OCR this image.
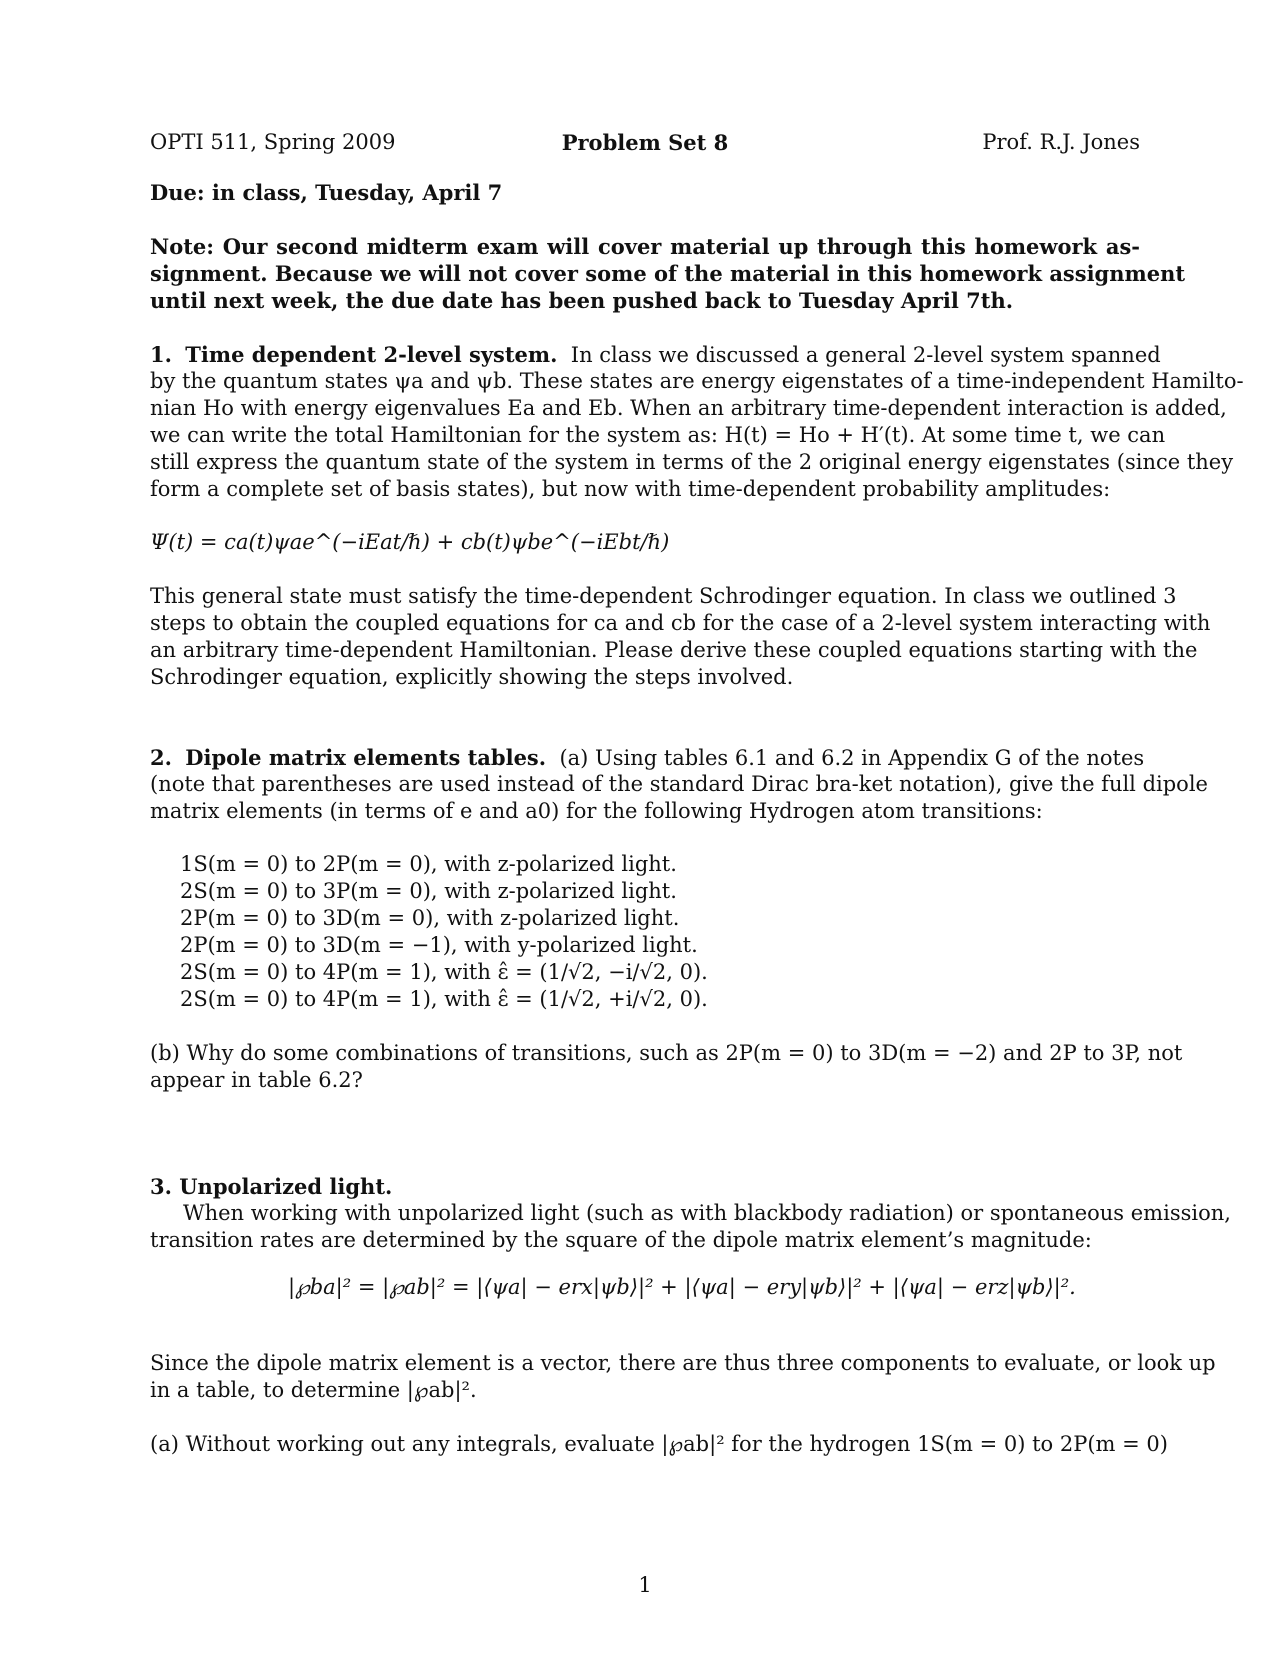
OPTI 511, Spring 2009	Problem Set 8	Prof. R.J. Jones
Due: in class, Tuesday, April 7
Note: Our second midterm exam will cover material up through this homework as-
signment. Because we will not cover some of the material in this homework assignment
until next week, the due date has been pushed back to Tuesday April 7th.
1. Time dependent 2-level system. In class we discussed a general 2-level system spanned
by the quantum states ψa and ψb. These states are energy eigenstates of a time-independent Hamilto-
nian Ho with energy eigenvalues Ea and Eb. When an arbitrary time-dependent interaction is added,
we can write the total Hamiltonian for the system as: H(t) = Ho + H′(t). At some time t, we can
still express the quantum state of the system in terms of the 2 original energy eigenstates (since they
form a complete set of basis states), but now with time-dependent probability amplitudes:
Ψ(t) = ca(t)ψae^(−iEat/ℏ) + cb(t)ψbe^(−iEbt/ℏ)
This general state must satisfy the time-dependent Schrodinger equation. In class we outlined 3
steps to obtain the coupled equations for ca and cb for the case of a 2-level system interacting with
an arbitrary time-dependent Hamiltonian. Please derive these coupled equations starting with the
Schrodinger equation, explicitly showing the steps involved.
2. Dipole matrix elements tables. (a) Using tables 6.1 and 6.2 in Appendix G of the notes
(note that parentheses are used instead of the standard Dirac bra-ket notation), give the full dipole
matrix elements (in terms of e and a0) for the following Hydrogen atom transitions:
1S(m = 0) to 2P(m = 0), with z-polarized light.
2S(m = 0) to 3P(m = 0), with z-polarized light.
2P(m = 0) to 3D(m = 0), with z-polarized light.
2P(m = 0) to 3D(m = −1), with y-polarized light.
2S(m = 0) to 4P(m = 1), with ε̂ = (1/√2, −i/√2, 0).
2S(m = 0) to 4P(m = 1), with ε̂ = (1/√2, +i/√2, 0).
(b) Why do some combinations of transitions, such as 2P(m = 0) to 3D(m = −2) and 2P to 3P, not
appear in table 6.2?
3. Unpolarized light.
When working with unpolarized light (such as with blackbody radiation) or spontaneous emission,
transition rates are determined by the square of the dipole matrix element’s magnitude:
|℘ba|² = |℘ab|² = |⟨ψa| − erx|ψb⟩|² + |⟨ψa| − ery|ψb⟩|² + |⟨ψa| − erz|ψb⟩|².
Since the dipole matrix element is a vector, there are thus three components to evaluate, or look up
in a table, to determine |℘ab|².
(a) Without working out any integrals, evaluate |℘ab|² for the hydrogen 1S(m = 0) to 2P(m = 0)
1
